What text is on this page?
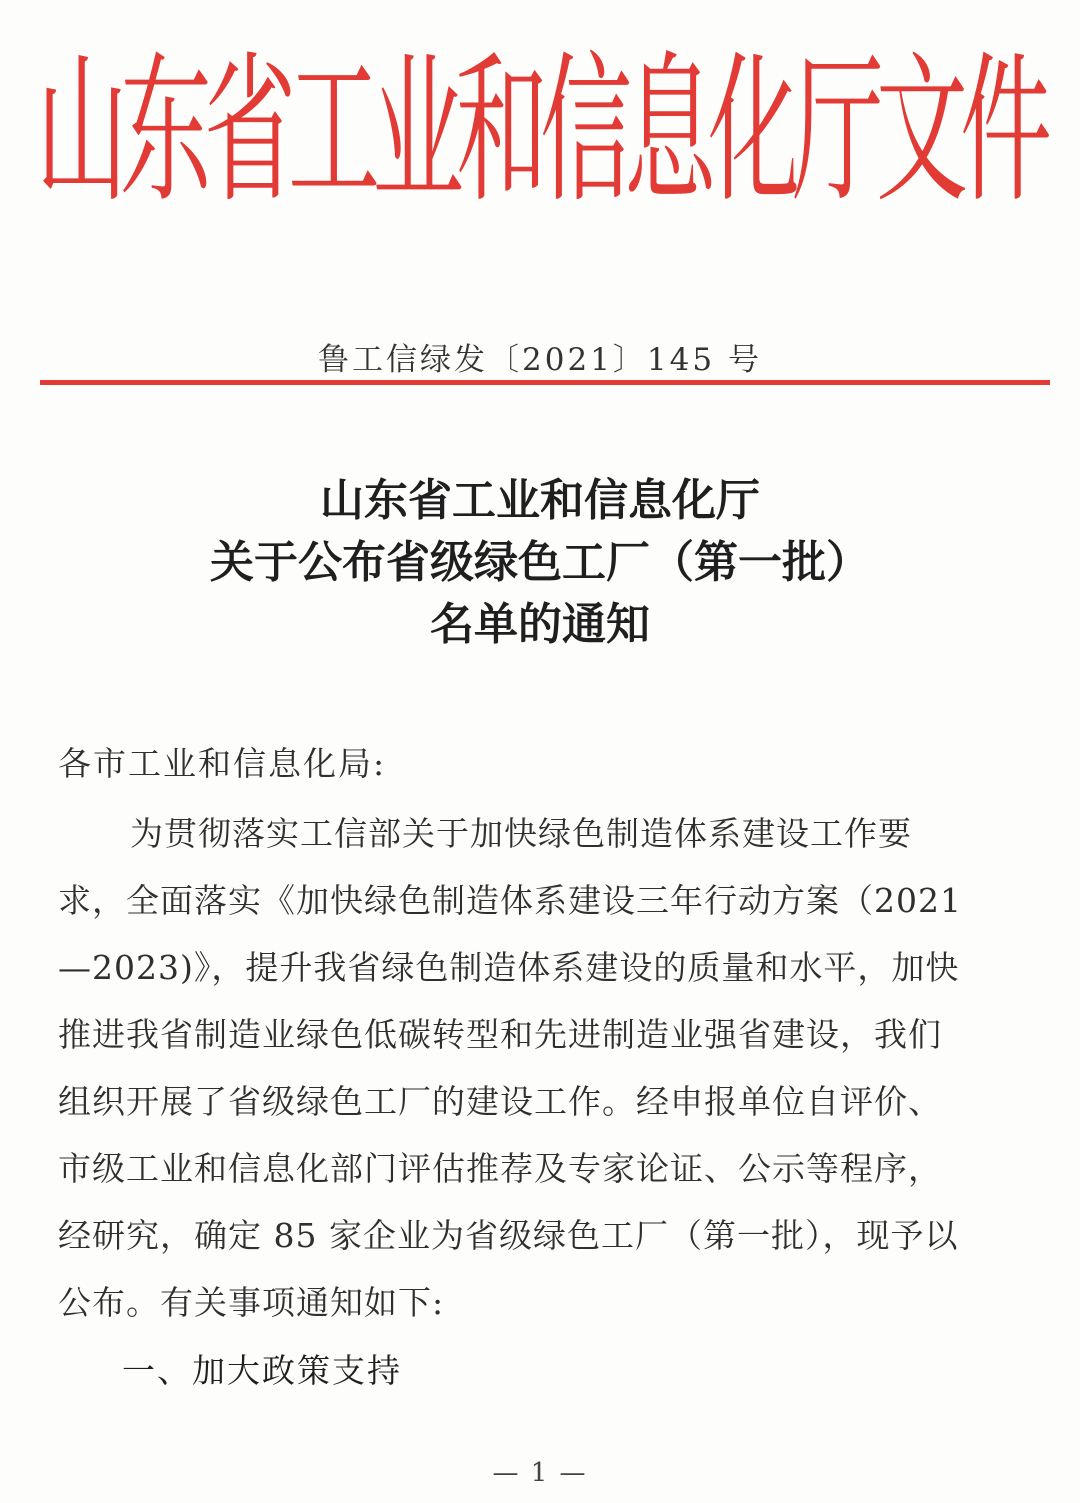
山东省工业和信息化厅文件
鲁工信绿发〔2021〕145 号
山东省工业和信息化厅
关于公布省级绿色工厂（第一批）
名单的通知
各市工业和信息化局:
为贯彻落实工信部关于加快绿色制造体系建设工作要
求，全面落实《加快绿色制造体系建设三年行动方案（2021
—2023)》，提升我省绿色制造体系建设的质量和水平，加快
推进我省制造业绿色低碳转型和先进制造业强省建设，我们
组织开展了省级绿色工厂的建设工作。经申报单位自评价、
市级工业和信息化部门评估推荐及专家论证、公示等程序，
经研究，确定 85 家企业为省级绿色工厂（第一批），现予以
公布。有关事项通知如下:
一、加大政策支持
— 1 —
